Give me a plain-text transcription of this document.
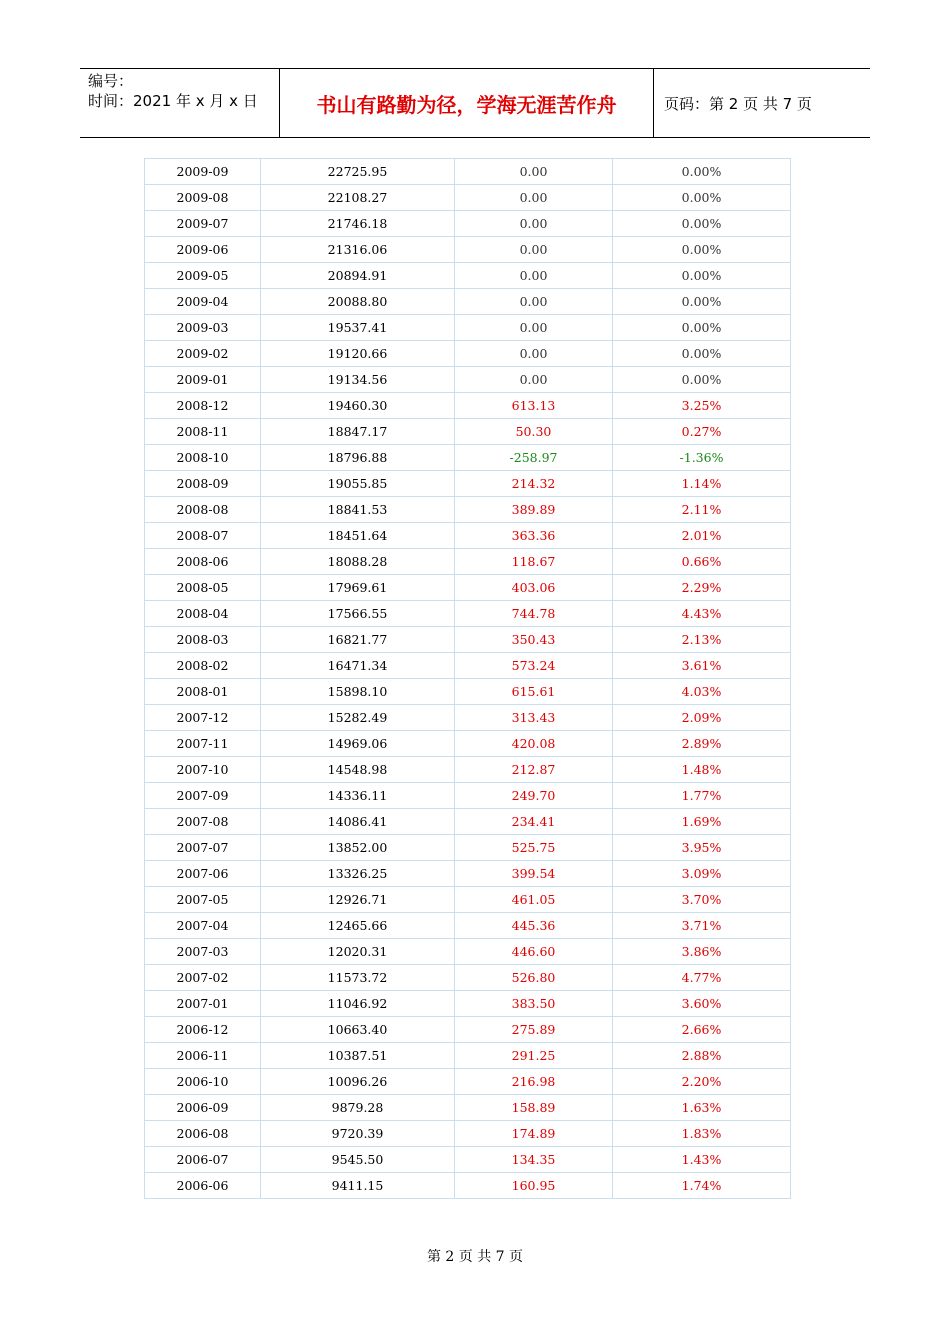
编号：
时间：2021 年 x 月 x 日	书山有路勤为径，学海无涯苦作舟	页码：第 2 页 共 7 页
2009-09	22725.95	0.00	0.00%
2009-08	22108.27	0.00	0.00%
2009-07	21746.18	0.00	0.00%
2009-06	21316.06	0.00	0.00%
2009-05	20894.91	0.00	0.00%
2009-04	20088.80	0.00	0.00%
2009-03	19537.41	0.00	0.00%
2009-02	19120.66	0.00	0.00%
2009-01	19134.56	0.00	0.00%
2008-12	19460.30	613.13	3.25%
2008-11	18847.17	50.30	0.27%
2008-10	18796.88	-258.97	-1.36%
2008-09	19055.85	214.32	1.14%
2008-08	18841.53	389.89	2.11%
2008-07	18451.64	363.36	2.01%
2008-06	18088.28	118.67	0.66%
2008-05	17969.61	403.06	2.29%
2008-04	17566.55	744.78	4.43%
2008-03	16821.77	350.43	2.13%
2008-02	16471.34	573.24	3.61%
2008-01	15898.10	615.61	4.03%
2007-12	15282.49	313.43	2.09%
2007-11	14969.06	420.08	2.89%
2007-10	14548.98	212.87	1.48%
2007-09	14336.11	249.70	1.77%
2007-08	14086.41	234.41	1.69%
2007-07	13852.00	525.75	3.95%
2007-06	13326.25	399.54	3.09%
2007-05	12926.71	461.05	3.70%
2007-04	12465.66	445.36	3.71%
2007-03	12020.31	446.60	3.86%
2007-02	11573.72	526.80	4.77%
2007-01	11046.92	383.50	3.60%
2006-12	10663.40	275.89	2.66%
2006-11	10387.51	291.25	2.88%
2006-10	10096.26	216.98	2.20%
2006-09	9879.28	158.89	1.63%
2006-08	9720.39	174.89	1.83%
2006-07	9545.50	134.35	1.43%
2006-06	9411.15	160.95	1.74%
第 2 页 共 7 页
